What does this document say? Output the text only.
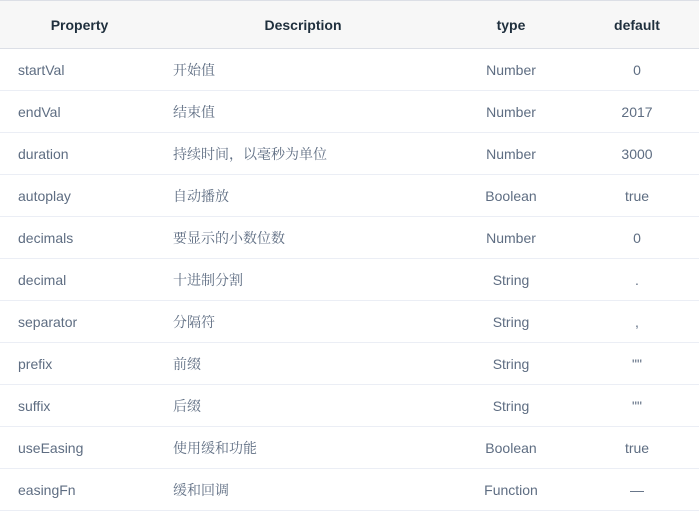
Property	Description	type	default
startVal	开始值	Number	0
endVal	结束值	Number	2017
duration	持续时间，以毫秒为单位	Number	3000
autoplay	自动播放	Boolean	true
decimals	要显示的小数位数	Number	0
decimal	十进制分割	String	.
separator	分隔符	String	,
prefix	前缀	String	""
suffix	后缀	String	""
useEasing	使用缓和功能	Boolean	true
easingFn	缓和回调	Function	—
